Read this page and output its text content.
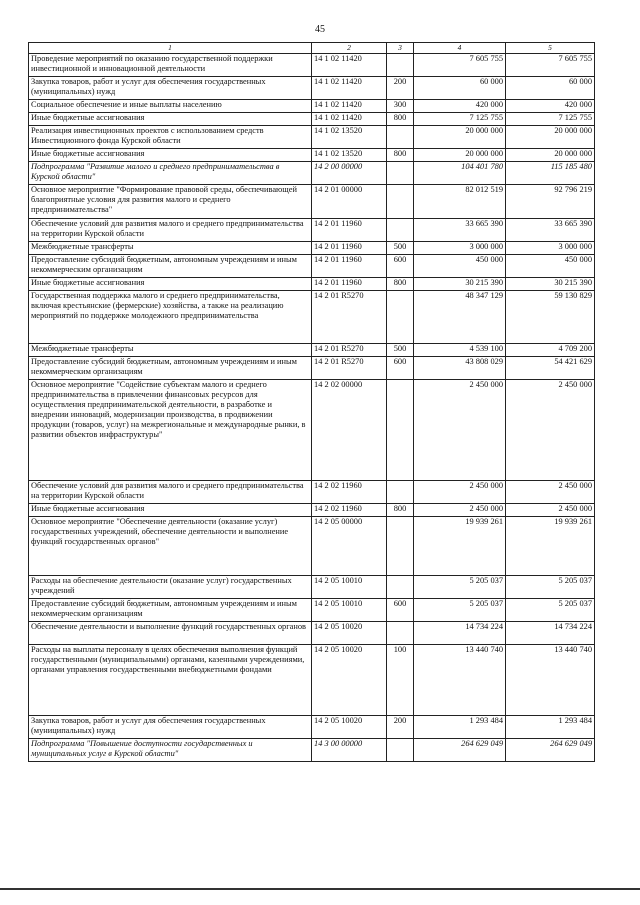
45
1	2	3	4	5
Проведение мероприятий по оказанию государственной поддержки инвестиционной и инновационной деятельности	14 1 02 11420		7 605 755	7 605 755
Закупка товаров, работ и услуг для обеспечения государственных (муниципальных) нужд	14 1 02 11420	200	60 000	60 000
Социальное обеспечение и иные выплаты населению	14 1 02 11420	300	420 000	420 000
Иные бюджетные ассигнования	14 1 02 11420	800	7 125 755	7 125 755
Реализация инвестиционных проектов с использованием средств Инвестиционного фонда Курской области	14 1 02 13520		20 000 000	20 000 000
Иные бюджетные ассигнования	14 1 02 13520	800	20 000 000	20 000 000
Подпрограмма "Развитие малого и среднего предпринимательства в Курской области"	14 2 00 00000		104 401 780	115 185 480
Основное мероприятие "Формирование правовой среды, обеспечивающей благоприятные условия для развития малого и среднего предпринимательства"	14 2 01 00000		82 012 519	92 796 219
Обеспечение условий для развития малого и среднего предпринимательства на территории Курской области	14 2 01 11960		33 665 390	33 665 390
Межбюджетные трансферты	14 2 01 11960	500	3 000 000	3 000 000
Предоставление субсидий бюджетным, автономным учреждениям и иным некоммерческим организациям	14 2 01 11960	600	450 000	450 000
Иные бюджетные ассигнования	14 2 01 11960	800	30 215 390	30 215 390
Государственная поддержка малого и среднего предпринимательства, включая крестьянские (фермерские) хозяйства, а также на реализацию мероприятий по поддержке молодежного предпринимательства	14 2 01 R5270		48 347 129	59 130 829
Межбюджетные трансферты	14 2 01 R5270	500	4 539 100	4 709 200
Предоставление субсидий бюджетным, автономным учреждениям и иным некоммерческим организациям	14 2 01 R5270	600	43 808 029	54 421 629
Основное мероприятие "Содействие субъектам малого и среднего предпринимательства в привлечении финансовых ресурсов для осуществления предпринимательской деятельности, в разработке и внедрении инноваций, модернизации производства, в продвижении продукции (товаров, услуг) на межрегиональные и международные рынки, в развитии объектов инфраструктуры"	14 2 02 00000		2 450 000	2 450 000
Обеспечение условий для развития малого и среднего предпринимательства на территории Курской области	14 2 02 11960		2 450 000	2 450 000
Иные бюджетные ассигнования	14 2 02 11960	800	2 450 000	2 450 000
Основное мероприятие "Обеспечение деятельности (оказание услуг) государственных учреждений, обеспечение деятельности и выполнение функций государственных органов"	14 2 05 00000		19 939 261	19 939 261
Расходы на обеспечение деятельности (оказание услуг) государственных учреждений	14 2 05 10010		5 205 037	5 205 037
Предоставление субсидий бюджетным, автономным учреждениям и иным некоммерческим организациям	14 2 05 10010	600	5 205 037	5 205 037
Обеспечение деятельности и выполнение функций государственных органов	14 2 05 10020		14 734 224	14 734 224
Расходы на выплаты персоналу в целях обеспечения выполнения функций государственными (муниципальными) органами, казенными учреждениями, органами управления государственными внебюджетными фондами	14 2 05 10020	100	13 440 740	13 440 740
Закупка товаров, работ и услуг для обеспечения государственных (муниципальных) нужд	14 2 05 10020	200	1 293 484	1 293 484
Подпрограмма "Повышение доступности государственных и муниципальных услуг в Курской области"	14 3 00 00000		264 629 049	264 629 049
